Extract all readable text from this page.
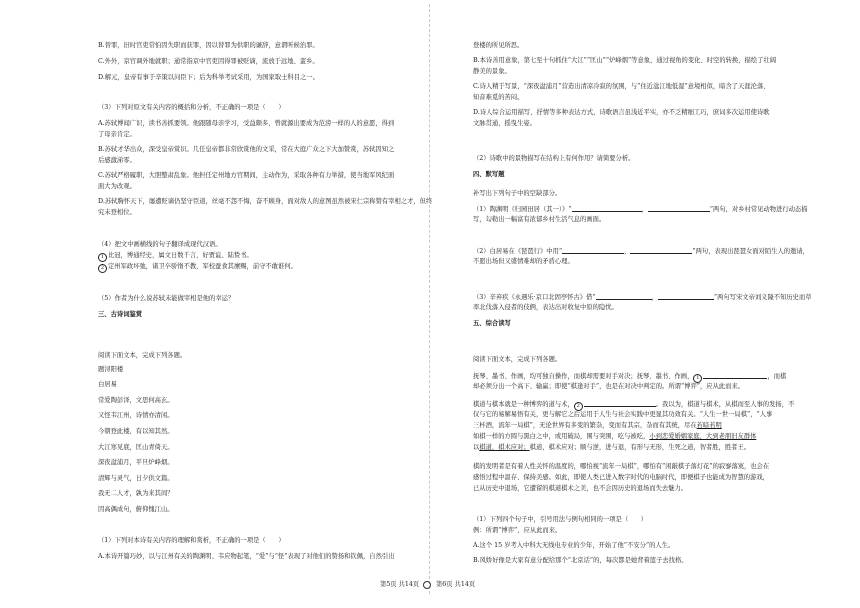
B.替罪，旧时官吏常怕因失职而获罪，因以替罪为供职的谦辞，意谓听候治罪。
C.外外，京官调外地就职；通常指京中官吏因得罪被贬谪，流放于远地、蛮乡。
D.解元，皇帝有事于辛策以问臣下；后为科举考试采用，为国家取士科目之一。
（3）下列对原文有关内容的概括和分析，不正确的一项是（　　）
A.苏轼博闻广识，读书善抓要领。他跟随母亲学习，受益颇多，曾就源出要成为范滂一样的人的意愿，得到
了母亲肯定。
B.苏轼才华出众，深受皇帝赏识。几任皇帝都非常欣赏他的文采，常在大庭广众之下大加赞赏，苏轼因知之
后感激涕零。
C.苏轼严格履职，大胆整肃乱象。他担任定州地方官期间，主动作为，采取各种有力举措，使当地军风纪面
面大为改观。
D.苏轼胸怀天下，屡遭贬谪仍坚守臣道，丝毫不怨不悔，奋不顾身，面对敌人的意图虽然被宋仁宗称赞有宰相之才，但终
究未登相位。
（4）把文中画横线的句子翻译成现代汉语。
1 比冠，博通经史，属文日数千言，好贾谊、陆贽书。
2 定州军政坏弛，诸卫卒骄惰不教，军校蚕食其廪赐，前守不敢谁何。
（5）作者为什么说苏轼未能做宰相是他的幸运？
三、古诗词鉴赏
阅读下面文本，完成下列各题。
题浔阳楼
白居易
常爱陶彭泽，文思何高玄。
又怪韦江州，诗情亦清闲。
今朝登此楼，有以知其然。
大江寒见底，匡山青倚天。
深夜湓浦月，平旦炉峰烟。
清辉与灵气，日夕供文篇。
我无二人才，孰为来其间？
因高偶成句，俯仰愧江山。
（1）下列对本诗有关内容的理解和赏析，不正确的一项是（　　）
A.本诗开篇巧妙，以与江州有关的陶渊明、韦应物起笔，“爱”与“怪”表现了对他们的赞扬和钦佩，自然引出
登楼的所见所思。
B.本诗善用意象，第七至十句抓住“大江”“匡山”“炉峰烟”等意象，通过视角的变化、时空的转换，描绘了壮阔
静美的景象。
C.诗人精于写景，“深夜湓浦月”营造出清凉冷寂的氛围，与“住近湓江地低湿”意境相似，暗含了天涯沦落、
知音难觅的苦闷。
D.诗人综合运用描写、抒情等多种表达方式，诗歌语言虽浅近平实，亦不乏精细工巧，庶词多次运用使诗歌
文脉贯通，摇曳生姿。
（2）诗歌中的景物描写在结构上有何作用？请简要分析。
四、默写题
补写出下列句子中的空缺部分。
（1）陶渊明《归园田居（其一）》“	，	”两句，对乡村常见动物进行动态描
写，勾勒出一幅富有浓郁乡村生活气息的画面。
（2）白居易在《琵琶行》中用“	，	”两句，表现出琵琶女面对陌生人的邀请，
不愿出场但又盛情难却的矛盾心理。
（3）辛弃疾《永遇乐·京口北固亭怀古》借“	，	”两句写宋文帝刘义隆不知历史而草
率北伐落入侵者的伎俩，表达出对收复中原的隐忧。
五、综合读写
阅读下面文本，完成下列各题。
抚琴、墨书、作画，均可独自操作，而棋却需要对手对决；抚琴、墨书、作画， 1	，而棋
却必须分出一个高下、输赢；即使“棋逢对手”，也是在对决中判定的。所谓“博弈”，应从此而来。
棋道与棋本就是一种博弈的道与术， 2	。我以为，棋道与棋术，从棋而至人事的发扬，不
仅与它的易解易悟有关，更与解它之后运用于人生与社会实践中更显其功效有关。“人生一世一局棋”，“人事
三杯酒，流年一局棋”，无论世界有多变的繁杂，变而有其宗，杂而有其统，尽在若暗若明
如棋一样的方圆与黑白之中，或用破局，围与突围，吃与被吃，小到恋爱婚姻家庭，大到老朋旧友群体
以棋道，棋术应对；棋道，棋术应对；顺与逆，进与退，有形与无形，生死之道，智者胜，胜者王。
棋的发明者是有着人性关怀的温度的，哪怕视“流年一局棋”，哪怕有“闲敲棋子落灯花”的寂寥落寞，也会在
感悟过程中温存、保持美感。如此，即使人类已进入数字时代的电脑时代，即便棋子也能成为智慧的游戏，
已从历史中退场，它遭留的棋道棋术之美，也不会因历史的退场而失去魅力。
（1）下列四个句子中，引号用法与例句相同的一项是（　　）
例：所谓“博弈”，应从此而来。
A.这个 15 岁考入中科大无线电专业的少年，开始了他“不安分”的人生。
B.风娇好像是大家有意分配给那个“北京话”的，每次都是她背着篮子去找格。
第5页 共14页	第6页 共14页
